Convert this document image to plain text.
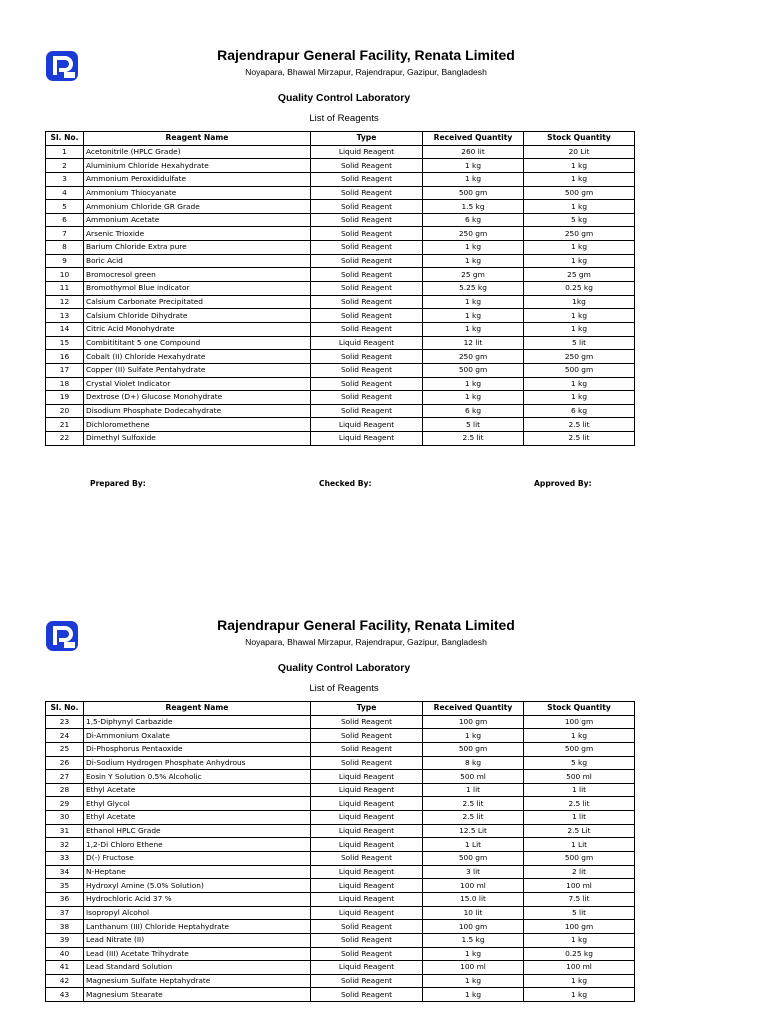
Rajendrapur General Facility, Renata Limited
Noyapara, Bhawal Mirzapur, Rajendrapur, Gazipur, Bangladesh
Quality Control Laboratory
List of Reagents
Sl. No.	Reagent Name	Type	Received Quantity	Stock Quantity
1	Acetonitrile (HPLC Grade)	Liquid Reagent	260 lit	20 Lit
2	Aluminium Chloride Hexahydrate	Solid Reagent	1 kg	1 kg
3	Ammonium Peroxididulfate	Solid Reagent	1 kg	1 kg
4	Ammonium Thiocyanate	Solid Reagent	500 gm	500 gm
5	Ammonium Chloride GR Grade	Solid Reagent	1.5 kg	1 kg
6	Ammonium Acetate	Solid Reagent	6 kg	5 kg
7	Arsenic Trioxide	Solid Reagent	250 gm	250 gm
8	Barium Chloride Extra pure	Solid Reagent	1 kg	1 kg
9	Boric Acid	Solid Reagent	1 kg	1 kg
10	Bromocresol green	Solid Reagent	25 gm	25 gm
11	Bromothymol Blue indicator	Solid Reagent	5.25 kg	0.25 kg
12	Calsium Carbonate Precipitated	Solid Reagent	1 kg	1kg
13	Calsium Chloride Dihydrate	Solid Reagent	1 kg	1 kg
14	Citric Acid Monohydrate	Solid Reagent	1 kg	1 kg
15	Combitititant 5 one Compound	Liquid Reagent	12 lit	5 lit
16	Cobalt (II) Chloride Hexahydrate	Solid Reagent	250 gm	250 gm
17	Copper (II) Sulfate Pentahydrate	Solid Reagent	500 gm	500 gm
18	Crystal Violet Indicator	Solid Reagent	1 kg	1 kg
19	Dextrose (D+) Glucose Monohydrate	Solid Reagent	1 kg	1 kg
20	Disodium Phosphate Dodecahydrate	Solid Reagent	6 kg	6 kg
21	Dichloromethene	Liquid Reagent	5 lit	2.5 lit
22	Dimethyl Sulfoxide	Liquid Reagent	2.5 lit	2.5 lit
Prepared By:	Checked By:	Approved By:
Rajendrapur General Facility, Renata Limited
Noyapara, Bhawal Mirzapur, Rajendrapur, Gazipur, Bangladesh
Quality Control Laboratory
List of Reagents
Sl. No.	Reagent Name	Type	Received Quantity	Stock Quantity
23	1,5-Diphynyl Carbazide	Solid Reagent	100 gm	100 gm
24	Di-Ammonium Oxalate	Solid Reagent	1 kg	1 kg
25	Di-Phosphorus Pentaoxide	Solid Reagent	500 gm	500 gm
26	Di-Sodium Hydrogen Phosphate Anhydrous	Solid Reagent	8 kg	5 kg
27	Eosin Y Solution 0.5% Alcoholic	Liquid Reagent	500 ml	500 ml
28	Ethyl Acetate	Liquid Reagent	1 lit	1 lit
29	Ethyl Glycol	Liquid Reagent	2.5 lit	2.5 lit
30	Ethyl Acetate	Liquid Reagent	2.5 lit	1 lit
31	Ethanol HPLC Grade	Liquid Reagent	12.5 Lit	2.5 Lit
32	1,2-Di Chloro Ethene	Liquid Reagent	1 Lit	1 Lit
33	D(-) Fructose	Solid Reagent	500 gm	500 gm
34	N-Heptane	Liquid Reagent	3 lit	2 lit
35	Hydroxyl Amine (5.0% Solution)	Liquid Reagent	100 ml	100 ml
36	Hydrochloric Acid 37 %	Liquid Reagent	15.0 lit	7.5 lit
37	Isopropyl Alcohol	Liquid Reagent	10 lit	5 lit
38	Lanthanum (III) Chloride Heptahydrate	Solid Reagent	100 gm	100 gm
39	Lead Nitrate (II)	Solid Reagent	1.5 kg	1 kg
40	Lead (III) Acetate Trihydrate	Solid Reagent	1 kg	0.25 kg
41	Lead Standard Solution	Liquid Reagent	100 ml	100 ml
42	Magnesium Sulfate Heptahydrate	Solid Reagent	1 kg	1 kg
43	Magnesium Stearate	Solid Reagent	1 kg	1 kg
